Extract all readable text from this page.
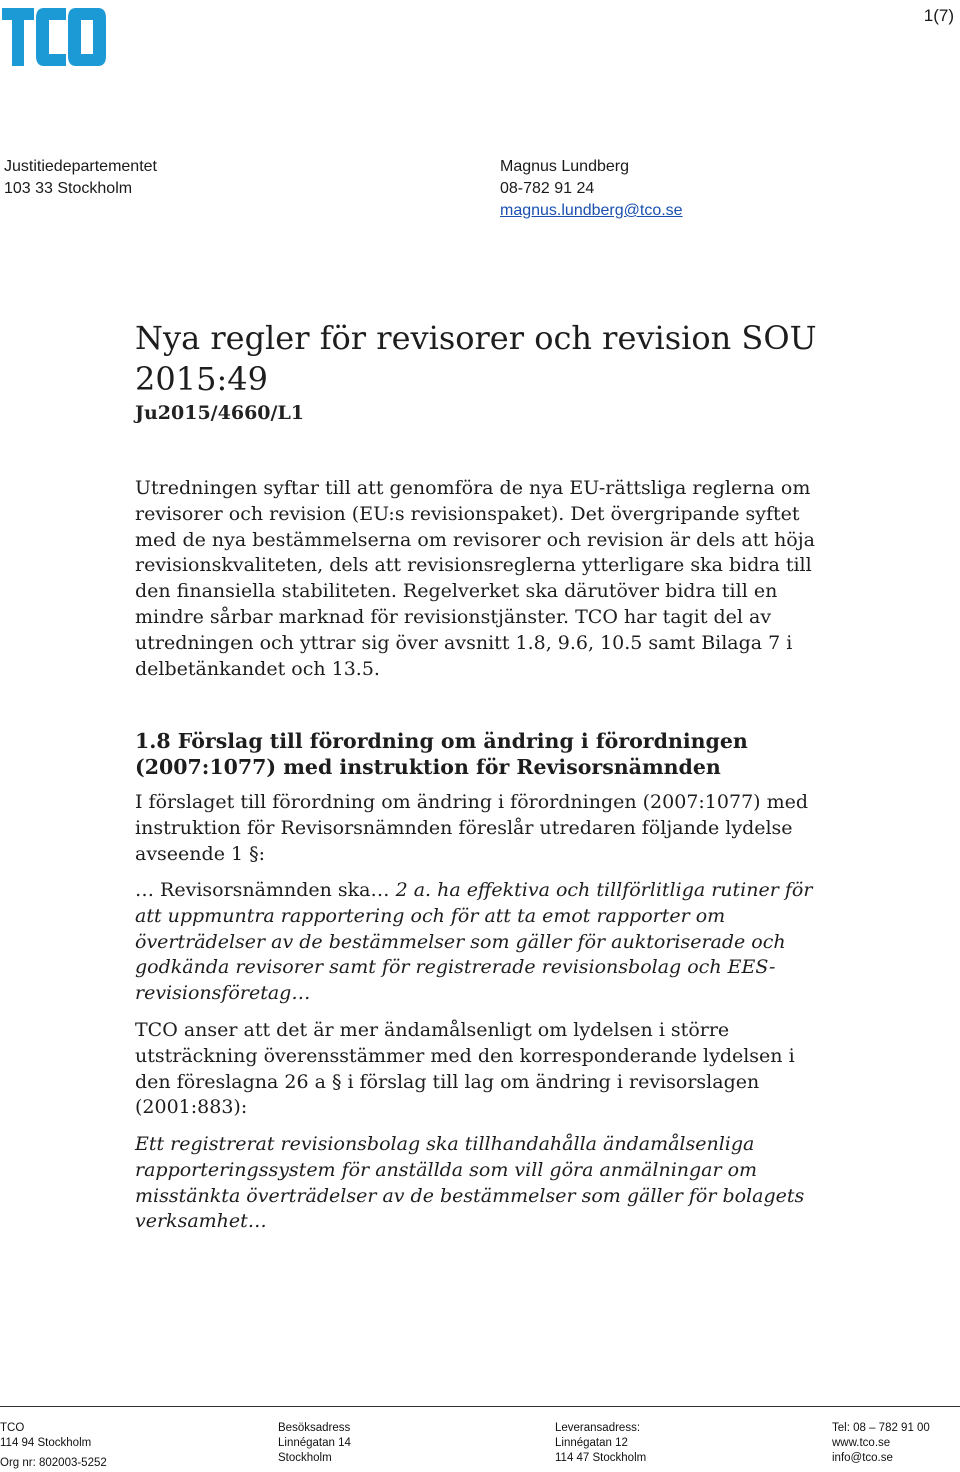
1(7)
Justitiedepartementet
103 33 Stockholm
Magnus Lundberg
08-782 91 24
magnus.lundberg@tco.se
Nya regler för revisorer och revision SOU 2015:49
Ju2015/4660/L1

Utredningen syftar till att genomföra de nya EU-rättsliga reglerna om revisorer och revision (EU:s revisionspaket). Det övergripande syftet med de nya bestämmelserna om revisorer och revision är dels att höja revisionskvaliteten, dels att revisionsreglerna ytterligare ska bidra till den finansiella stabiliteten. Regelverket ska därutöver bidra till en mindre sårbar marknad för revisionstjänster. TCO har tagit del av utredningen och yttrar sig över avsnitt 1.8, 9.6, 10.5 samt Bilaga 7 i delbetänkandet och 13.5.

1.8 Förslag till förordning om ändring i förordningen (2007:1077) med instruktion för Revisorsnämnden

I förslaget till förordning om ändring i förordningen (2007:1077) med instruktion för Revisorsnämnden föreslår utredaren följande lydelse avseende 1 §:

… Revisorsnämnden ska… 2 a. ha effektiva och tillförlitliga rutiner för att uppmuntra rapportering och för att ta emot rapporter om överträdelser av de bestämmelser som gäller för auktoriserade och godkända revisorer samt för registrerade revisionsbolag och EES-revisionsföretag…

TCO anser att det är mer ändamålsenligt om lydelsen i större utsträckning överensstämmer med den korresponderande lydelsen i den föreslagna 26 a § i förslag till lag om ändring i revisorslagen (2001:883):

Ett registrerat revisionsbolag ska tillhandahålla ändamålsenliga rapporteringssystem för anställda som vill göra anmälningar om misstänkta överträdelser av de bestämmelser som gäller för bolagets verksamhet…

TCO
114 94 Stockholm
Org nr: 802003-5252
Besöksadress
Linnégatan 14
Stockholm
Leveransadress:
Linnégatan 12
114 47 Stockholm
Tel: 08 – 782 91 00
www.tco.se
info@tco.se
